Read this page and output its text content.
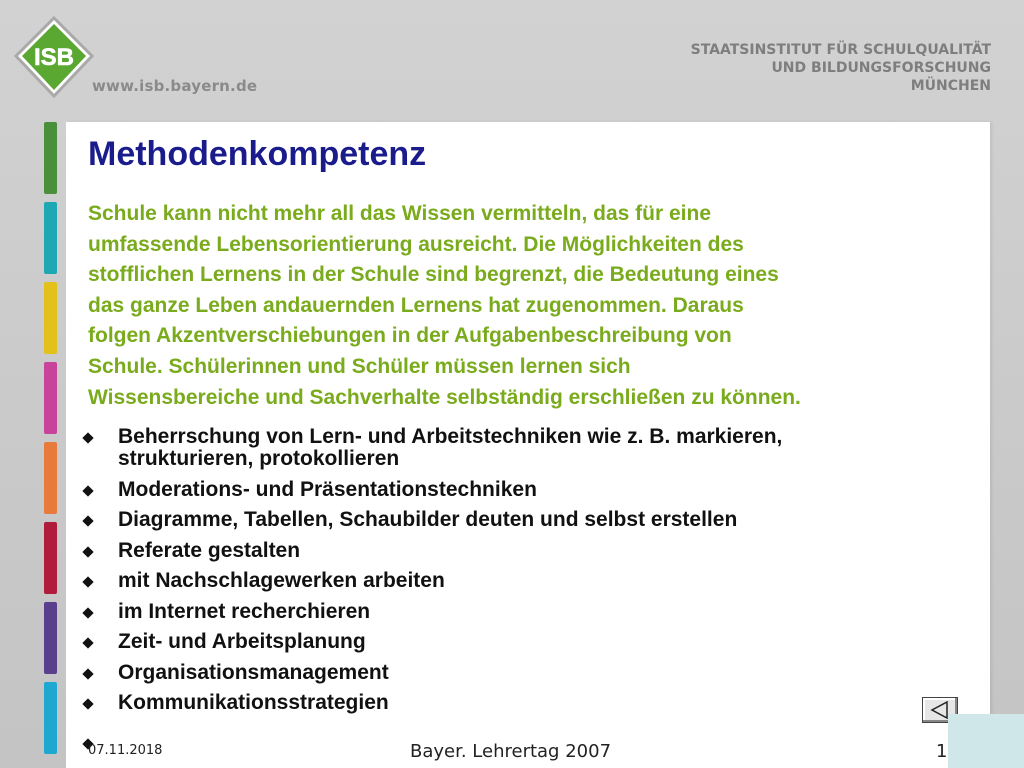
ISB
www.isb.bayern.de
STAATSINSTITUT FÜR SCHULQUALITÄT
UND BILDUNGSFORSCHUNG
MÜNCHEN
Methodenkompetenz
Schule kann nicht mehr all das Wissen vermitteln, das für eine
umfassende Lebensorientierung ausreicht. Die Möglichkeiten des
stofflichen Lernens in der Schule sind begrenzt, die Bedeutung eines
das ganze Leben andauernden Lernens hat zugenommen. Daraus
folgen Akzentverschiebungen in der Aufgabenbeschreibung von
Schule. Schülerinnen und Schüler müssen lernen sich
Wissensbereiche und Sachverhalte selbständig erschließen zu können.
Beherrschung von Lern- und Arbeitstechniken wie z. B. markieren,
strukturieren, protokollieren
Moderations- und Präsentationstechniken
Diagramme, Tabellen, Schaubilder deuten und selbst erstellen
Referate gestalten
mit Nachschlagewerken arbeiten
im Internet recherchieren
Zeit- und Arbeitsplanung
Organisationsmanagement
Kommunikationsstrategien
07.11.2018	Bayer. Lehrertag 2007	1
